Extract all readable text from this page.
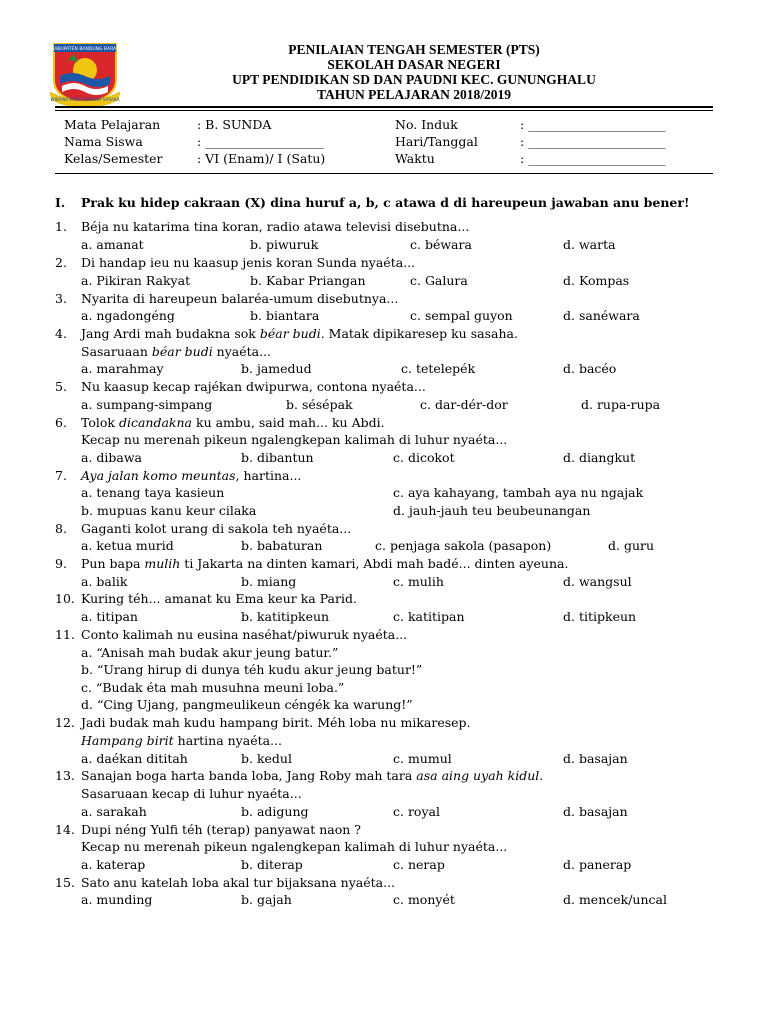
KABUPATEN BANDUNG BARAT
WIBAWA MUKTI WIBAWA SARAKA
PENILAIAN TENGAH SEMESTER (PTS)
SEKOLAH DASAR NEGERI
UPT PENDIDIKAN SD DAN PAUDNI KEC. GUNUNGHALU
TAHUN PELAJARAN 2018/2019
Mata Pelajaran	: B. SUNDA
Nama Siswa	: ___________________
Kelas/Semester	: VI (Enam)/ I (Satu)
No. Induk	: ______________________
Hari/Tanggal	: ______________________
Waktu	: ______________________
I. Prak ku hidep cakraan (X) dina huruf a, b, c atawa d di hareupeun jawaban anu bener!
1. Béja nu katarima tina koran, radio atawa televisi disebutna...
a. amanat	b. piwuruk	c. béwara	d. warta
2. Di handap ieu nu kaasup jenis koran Sunda nyaéta...
a. Pikiran Rakyat	b. Kabar Priangan	c. Galura	d. Kompas
3. Nyarita di hareupeun balaréa-umum disebutnya...
a. ngadongéng	b. biantara	c. sempal guyon	d. sanéwara
4. Jang Ardi mah budakna sok béar budi. Matak dipikaresep ku sasaha.
Sasaruaan béar budi nyaéta...
a. marahmay	b. jamedud	c. tetelepék	d. bacéo
5. Nu kaasup kecap rajékan dwipurwa, contona nyaéta...
a. sumpang-simpang	b. sésépak	c. dar-dér-dor	d. rupa-rupa
6. Tolok dicandakna ku ambu, said mah... ku Abdi.
Kecap nu merenah pikeun ngalengkepan kalimah di luhur nyaéta...
a. dibawa	b. dibantun	c. dicokot	d. diangkut
7. Aya jalan komo meuntas, hartina...
a. tenang taya kasieun
b. mupuas kanu keur cilaka
c. aya kahayang, tambah aya nu ngajak
d. jauh-jauh teu beubeunangan
8. Gaganti kolot urang di sakola teh nyaéta...
a. ketua murid	b. babaturan	c. penjaga sakola (pasapon)	d. guru
9. Pun bapa mulih ti Jakarta na dinten kamari, Abdi mah badé... dinten ayeuna.
a. balik	b. miang	c. mulih	d. wangsul
10. Kuring téh... amanat ku Ema keur ka Parid.
a. titipan	b. katitipkeun	c. katitipan	d. titipkeun
11. Conto kalimah nu eusina naséhat/piwuruk nyaéta...
a. “Anisah mah budak akur jeung batur.”
b. “Urang hirup di dunya téh kudu akur jeung batur!”
c. “Budak éta mah musuhna meuni loba.”
d. “Cing Ujang, pangmeulikeun céngék ka warung!”
12. Jadi budak mah kudu hampang birit. Méh loba nu mikaresep.
Hampang birit hartina nyaéta...
a. daékan dititah	b. kedul	c. mumul	d. basajan
13. Sanajan boga harta banda loba, Jang Roby mah tara asa aing uyah kidul.
Sasaruaan kecap di luhur nyaéta...
a. sarakah	b. adigung	c. royal	d. basajan
14. Dupi néng Yulfi téh (terap) panyawat naon ?
Kecap nu merenah pikeun ngalengkepan kalimah di luhur nyaéta...
a. katerap	b. diterap	c. nerap	d. panerap
15. Sato anu katelah loba akal tur bijaksana nyaéta...
a. munding	b. gajah	c. monyét	d. mencek/uncal
